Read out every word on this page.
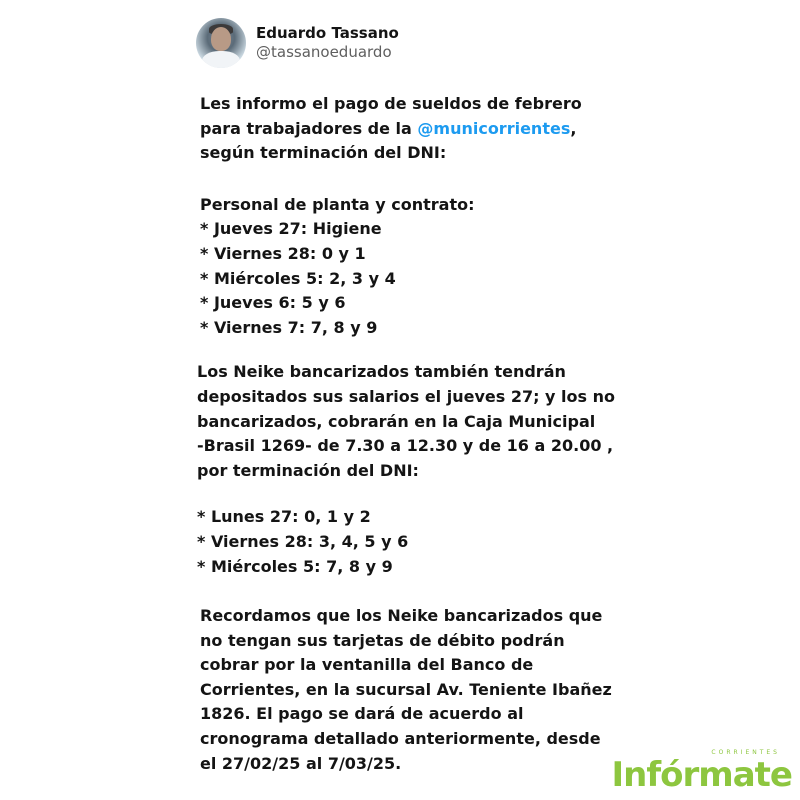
Eduardo Tassano
@tassanoeduardo

Les informo el pago de sueldos de febrero

para trabajadores de la @municorrientes,

según terminación del DNI:

Personal de planta y contrato:

* Jueves 27: Higiene

* Viernes 28: 0 y 1

* Miércoles 5: 2, 3 y 4

* Jueves 6: 5 y 6

* Viernes 7: 7, 8 y 9

Los Neike bancarizados también tendrán

depositados sus salarios el jueves 27; y los no

bancarizados, cobrarán en la Caja Municipal

-Brasil 1269- de 7.30 a 12.30 y de 16 a 20.00 ,

por terminación del DNI:

* Lunes 27: 0, 1 y 2

* Viernes 28: 3, 4, 5 y 6

* Miércoles 5: 7, 8 y 9

Recordamos que los Neike bancarizados que

no tengan sus tarjetas de débito podrán

cobrar por la ventanilla del Banco de

Corrientes, en la sucursal Av. Teniente Ibañez

1826. El pago se dará de acuerdo al

cronograma detallado anteriormente, desde

el 27/02/25 al 7/03/25.

CORRIENTES
Infórmate
